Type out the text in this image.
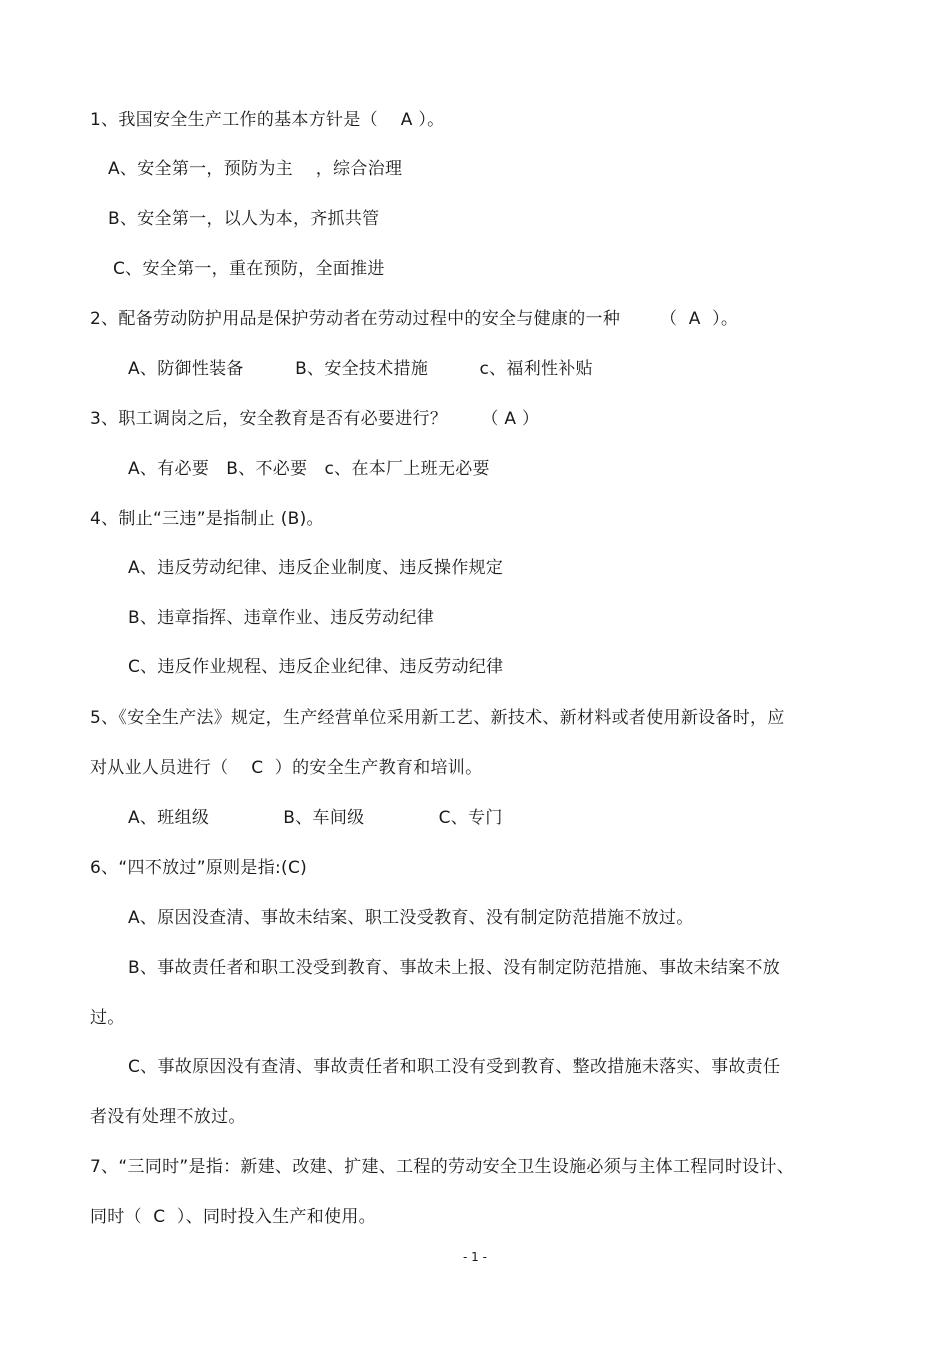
1、我国安全生产工作的基本方针是（    A ）。
A、安全第一，预防为主    ，综合治理
B、安全第一，以人为本，齐抓共管
C、安全第一，重在预防，全面推进
2、配备劳动防护用品是保护劳动者在劳动过程中的安全与健康的一种       （  A  ）。
A、防御性装备         B、安全技术措施         c、福利性补贴
3、职工调岗之后，安全教育是否有必要进行？      （ A ）
A、有必要   B、不必要   c、在本厂上班无必要
4、制止“三违”是指制止 (B)。
A、违反劳动纪律、违反企业制度、违反操作规定
B、违章指挥、违章作业、违反劳动纪律
C、违反作业规程、违反企业纪律、违反劳动纪律
5、《安全生产法》规定，生产经营单位采用新工艺、新技术、新材料或者使用新设备时，应
对从业人员进行（    C  ）的安全生产教育和培训。
A、班组级             B、车间级             C、专门
6、“四不放过”原则是指:(C)
A、原因没查清、事故未结案、职工没受教育、没有制定防范措施不放过。
B、事故责任者和职工没受到教育、事故未上报、没有制定防范措施、事故未结案不放
过。
C、事故原因没有查清、事故责任者和职工没有受到教育、整改措施未落实、事故责任
者没有处理不放过。
7、“三同时”是指：新建、改建、扩建、工程的劳动安全卫生设施必须与主体工程同时设计、
同时（  C  ）、同时投入生产和使用。
- 1 -
